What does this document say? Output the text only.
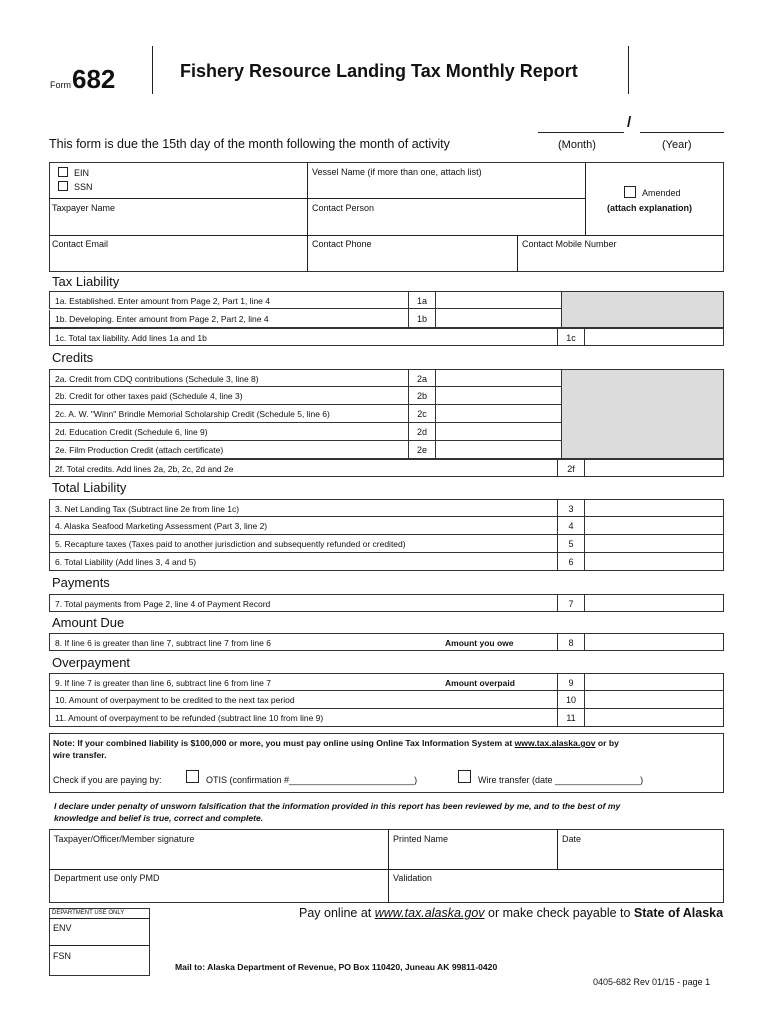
Form 682	Fishery Resource Landing Tax Monthly Report
This form is due the 15th day of the month following the month of activity
/
(Month)	(Year)
EIN
SSN
Vessel Name (if more than one, attach list)
Amended
(attach explanation)
Taxpayer Name	Contact Person
Contact Email	Contact Phone	Contact Mobile Number
Tax Liability
1a. Established. Enter amount from Page 2, Part 1, line 4	1a
1b. Developing. Enter amount from Page 2, Part 2, line 4	1b
1c. Total tax liability. Add lines 1a and 1b	1c
Credits
2a. Credit from CDQ contributions (Schedule 3, line 8)	2a
2b. Credit for other taxes paid (Schedule 4, line 3)	2b
2c. A. W. "Winn" Brindle Memorial Scholarship Credit (Schedule 5, line 6)	2c
2d. Education Credit (Schedule 6, line 9)	2d
2e. Film Production Credit (attach certificate)	2e
2f. Total credits. Add lines 2a, 2b, 2c, 2d and 2e	2f
Total Liability
3. Net Landing Tax (Subtract line 2e from line 1c)	3
4. Alaska Seafood Marketing Assessment (Part 3, line 2)	4
5. Recapture taxes (Taxes paid to another jurisdiction and subsequently refunded or credited)	5
6. Total Liability (Add lines 3, 4 and 5)	6
Payments
7. Total payments from Page 2, line 4 of Payment Record	7
Amount Due
8. If line 6 is greater than line 7, subtract line 7 from line 6	Amount you owe	8
Overpayment
9. If line 7 is greater than line 6, subtract line 6 from line 7	Amount overpaid	9
10. Amount of overpayment to be credited to the next tax period	10
11. Amount of overpayment to be refunded (subtract line 10 from line 9)	11
Note: If your combined liability is $100,000 or more, you must pay online using Online Tax Information System at www.tax.alaska.gov or by
wire transfer.
Check if you are paying by:	OTIS (confirmation #_________________________)	Wire transfer (date _________________)
I declare under penalty of unsworn falsification that the information provided in this report has been reviewed by me, and to the best of my
knowledge and belief is true, correct and complete.
Taxpayer/Officer/Member signature	Printed Name	Date
Department use only PMD	Validation
DEPARTMENT USE ONLY
ENV
FSN
Pay online at www.tax.alaska.gov or make check payable to State of Alaska
Mail to: Alaska Department of Revenue, PO Box 110420, Juneau AK 99811-0420
0405-682 Rev 01/15 - page 1
